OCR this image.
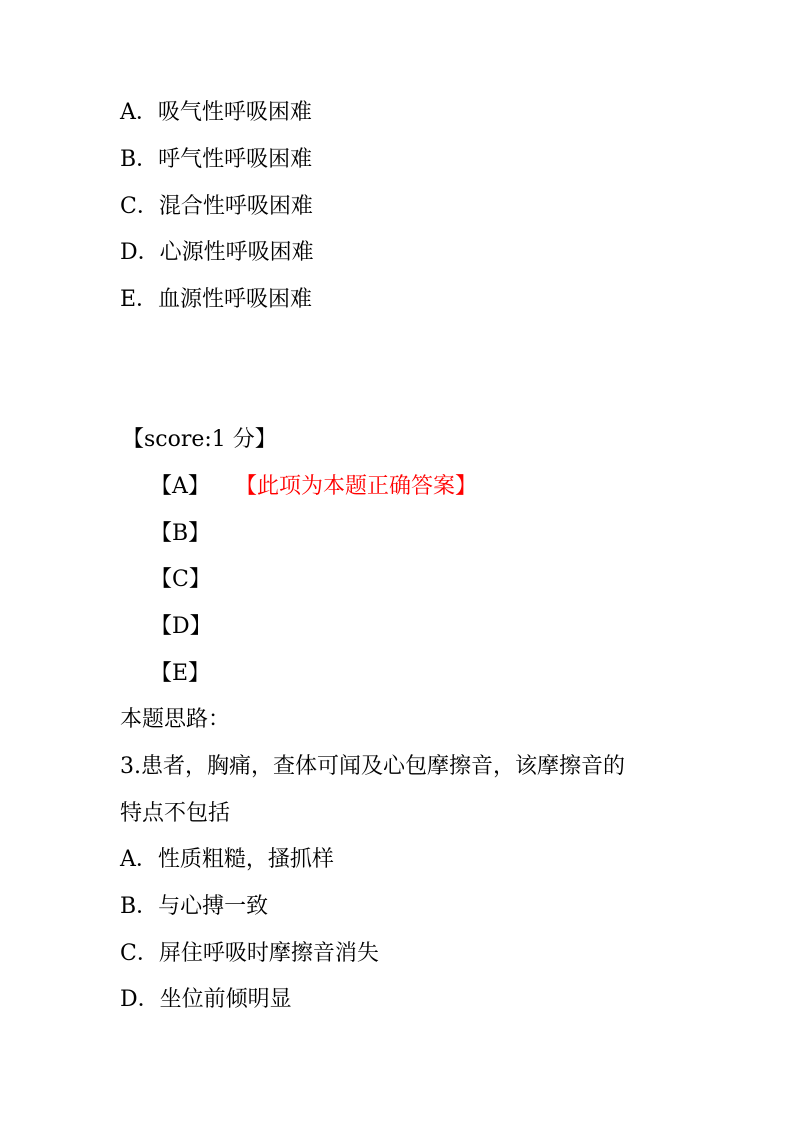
A．吸气性呼吸困难
B．呼气性呼吸困难
C．混合性呼吸困难
D．心源性呼吸困难
E．血源性呼吸困难
【score:1 分】
【A】 【此项为本题正确答案】
【B】
【C】
【D】
【E】
本题思路：
3.患者，胸痛，查体可闻及心包摩擦音，该摩擦音的
特点不包括
A．性质粗糙，搔抓样
B．与心搏一致
C．屏住呼吸时摩擦音消失
D．坐位前倾明显
